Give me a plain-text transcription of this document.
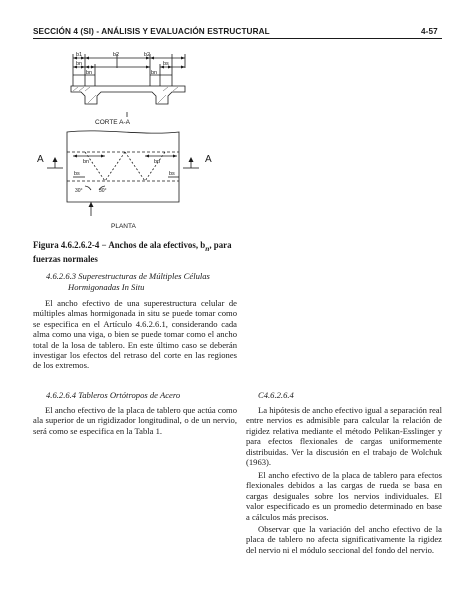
SECCIÓN 4 (SI) - ANÁLISIS Y EVALUACIÓN ESTRUCTURAL	4-57
b1	b2	b2
bn
bn	bn
bs
CORTE A-A
A	A
bn	bn
bs	bs
30°	30°
PLANTA
Figura 4.6.2.6.2-4 − Anchos de ala efectivos, $b_n$, para fuerzas normales
4.6.2.6.3 Superestructuras de Múltiples Células
Hormigonadas In Situ
El ancho efectivo de una superestructura celular de múltiples almas hormigonada in situ se puede tomar como se especifica en el Artículo 4.6.2.6.1, considerando cada alma como una viga, o bien se puede tomar como el ancho total de la losa de tablero. En este último caso se deberán investigar los efectos del retraso del corte en las regiones de los extremos.
4.6.2.6.4 Tableros Ortótropos de Acero
El ancho efectivo de la placa de tablero que actúa como ala superior de un rigidizador longitudinal, o de un nervio, será como se especifica en la Tabla 1.
C4.6.2.6.4
La hipótesis de ancho efectivo igual a separación real entre nervios es admisible para calcular la relación de rigidez relativa mediante el método Pelikan-Esslinger y para efectos flexionales de cargas uniformemente distribuidas. Ver la discusión en el trabajo de Wolchuk (1963).
El ancho efectivo de la placa de tablero para efectos flexionales debidos a las cargas de rueda se basa en cargas desiguales sobre los nervios individuales. El valor especificado es un promedio determinado en base a cálculos más precisos.
Observar que la variación del ancho efectivo de la placa de tablero no afecta significativamente la rigidez del nervio ni el módulo seccional del fondo del nervio.
